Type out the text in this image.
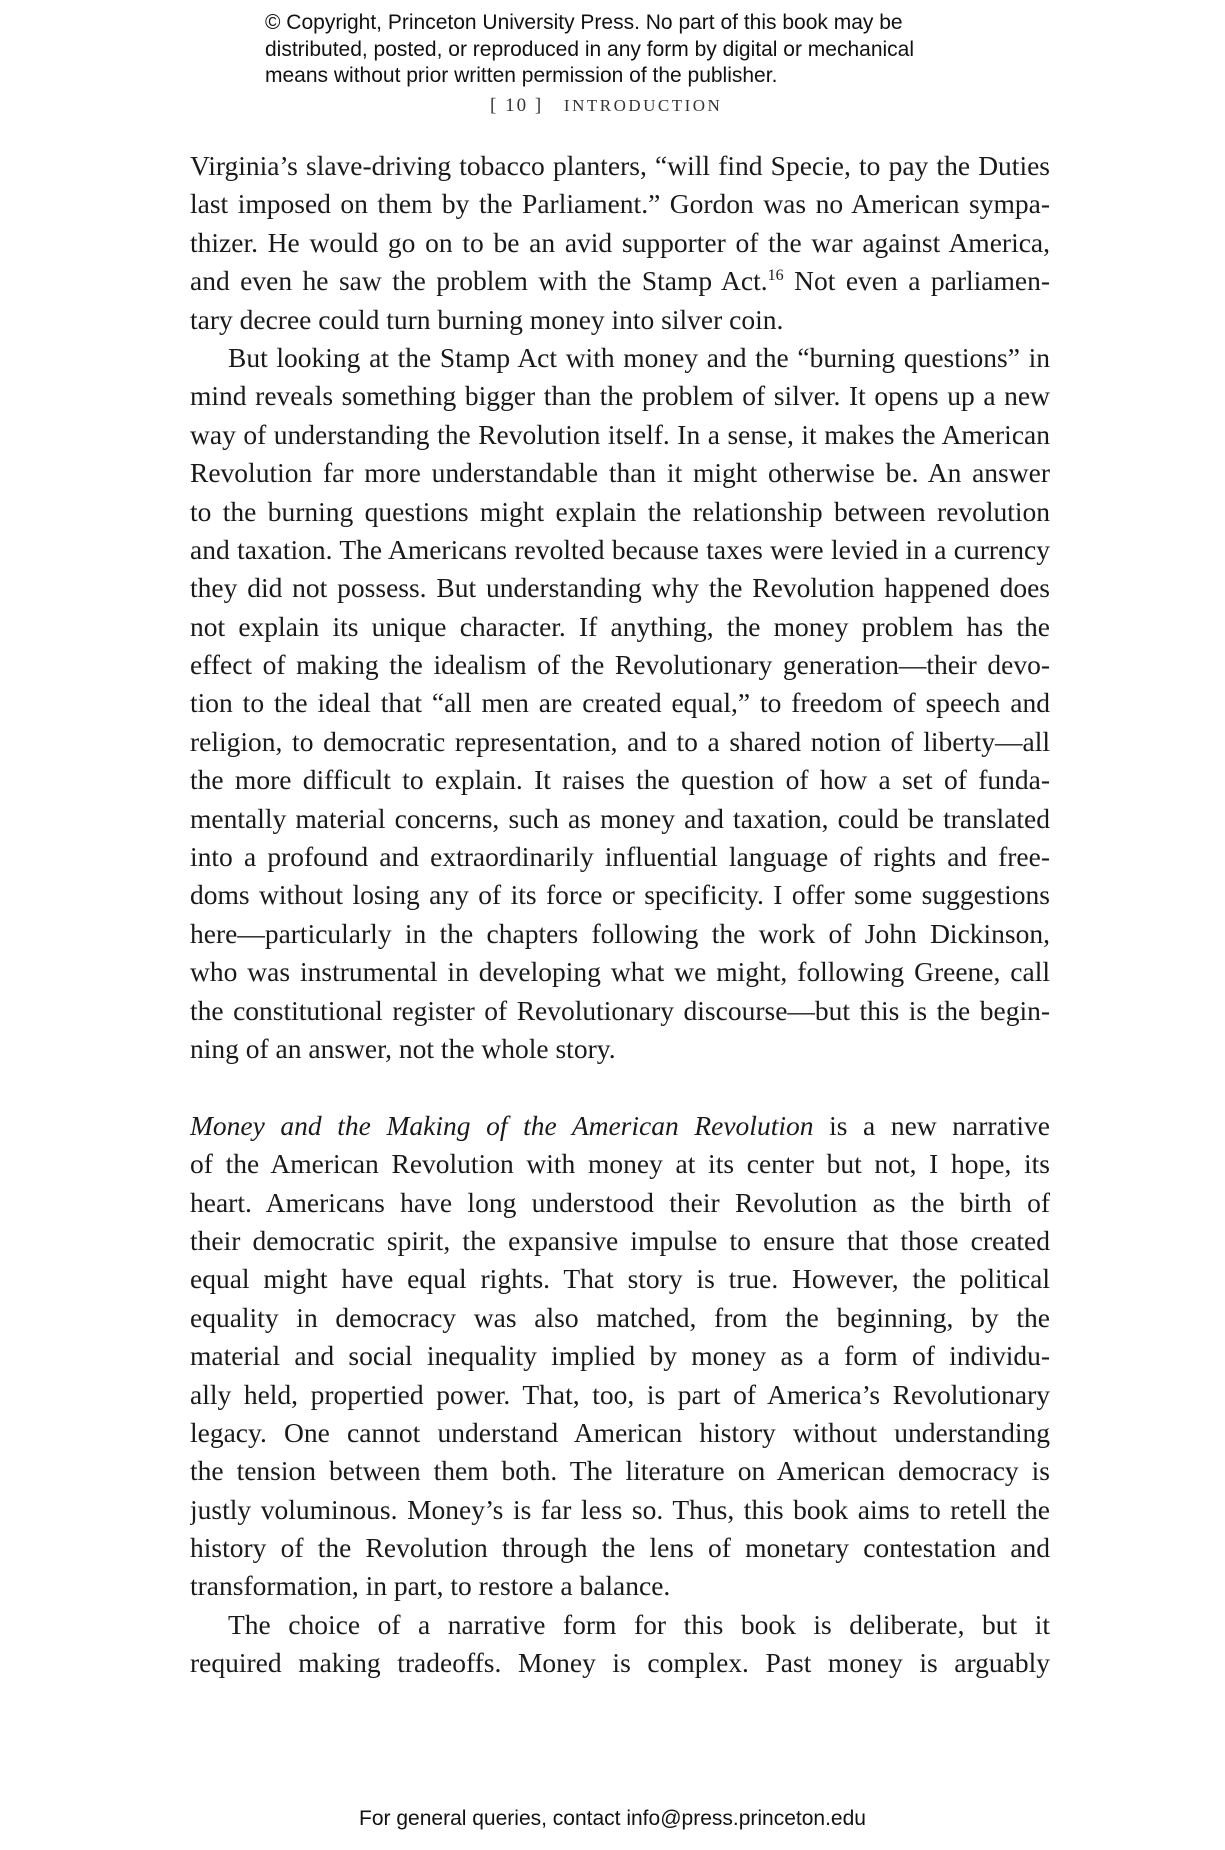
© Copyright, Princeton University Press. No part of this book may be
distributed, posted, or reproduced in any form by digital or mechanical
means without prior written permission of the publisher.
[ 10 ] INTRODUCTION
Virginia’s slave-driving tobacco planters, “will find Specie, to pay the Duties
last imposed on them by the Parliament.” Gordon was no American sympa-
thizer. He would go on to be an avid supporter of the war against America,
and even he saw the problem with the Stamp Act.$^{16}$ Not even a parliamen-
tary decree could turn burning money into silver coin.
But looking at the Stamp Act with money and the “burning questions” in
mind reveals something bigger than the problem of silver. It opens up a new
way of understanding the Revolution itself. In a sense, it makes the American
Revolution far more understandable than it might otherwise be. An answer
to the burning questions might explain the relationship between revolution
and taxation. The Americans revolted because taxes were levied in a currency
they did not possess. But understanding why the Revolution happened does
not explain its unique character. If anything, the money problem has the
effect of making the idealism of the Revolutionary generation—their devo-
tion to the ideal that “all men are created equal,” to freedom of speech and
religion, to democratic representation, and to a shared notion of liberty—all
the more difficult to explain. It raises the question of how a set of funda-
mentally material concerns, such as money and taxation, could be translated
into a profound and extraordinarily influential language of rights and free-
doms without losing any of its force or specificity. I offer some suggestions
here—particularly in the chapters following the work of John Dickinson,
who was instrumental in developing what we might, following Greene, call
the constitutional register of Revolutionary discourse—but this is the begin-
ning of an answer, not the whole story.
Money and the Making of the American Revolution is a new narrative
of the American Revolution with money at its center but not, I hope, its
heart. Americans have long understood their Revolution as the birth of
their democratic spirit, the expansive impulse to ensure that those created
equal might have equal rights. That story is true. However, the political
equality in democracy was also matched, from the beginning, by the
material and social inequality implied by money as a form of individu-
ally held, propertied power. That, too, is part of America’s Revolutionary
legacy. One cannot understand American history without understanding
the tension between them both. The literature on American democracy is
justly voluminous. Money’s is far less so. Thus, this book aims to retell the
history of the Revolution through the lens of monetary contestation and
transformation, in part, to restore a balance.
The choice of a narrative form for this book is deliberate, but it
required making tradeoffs. Money is complex. Past money is arguably
For general queries, contact info@press.princeton.edu
